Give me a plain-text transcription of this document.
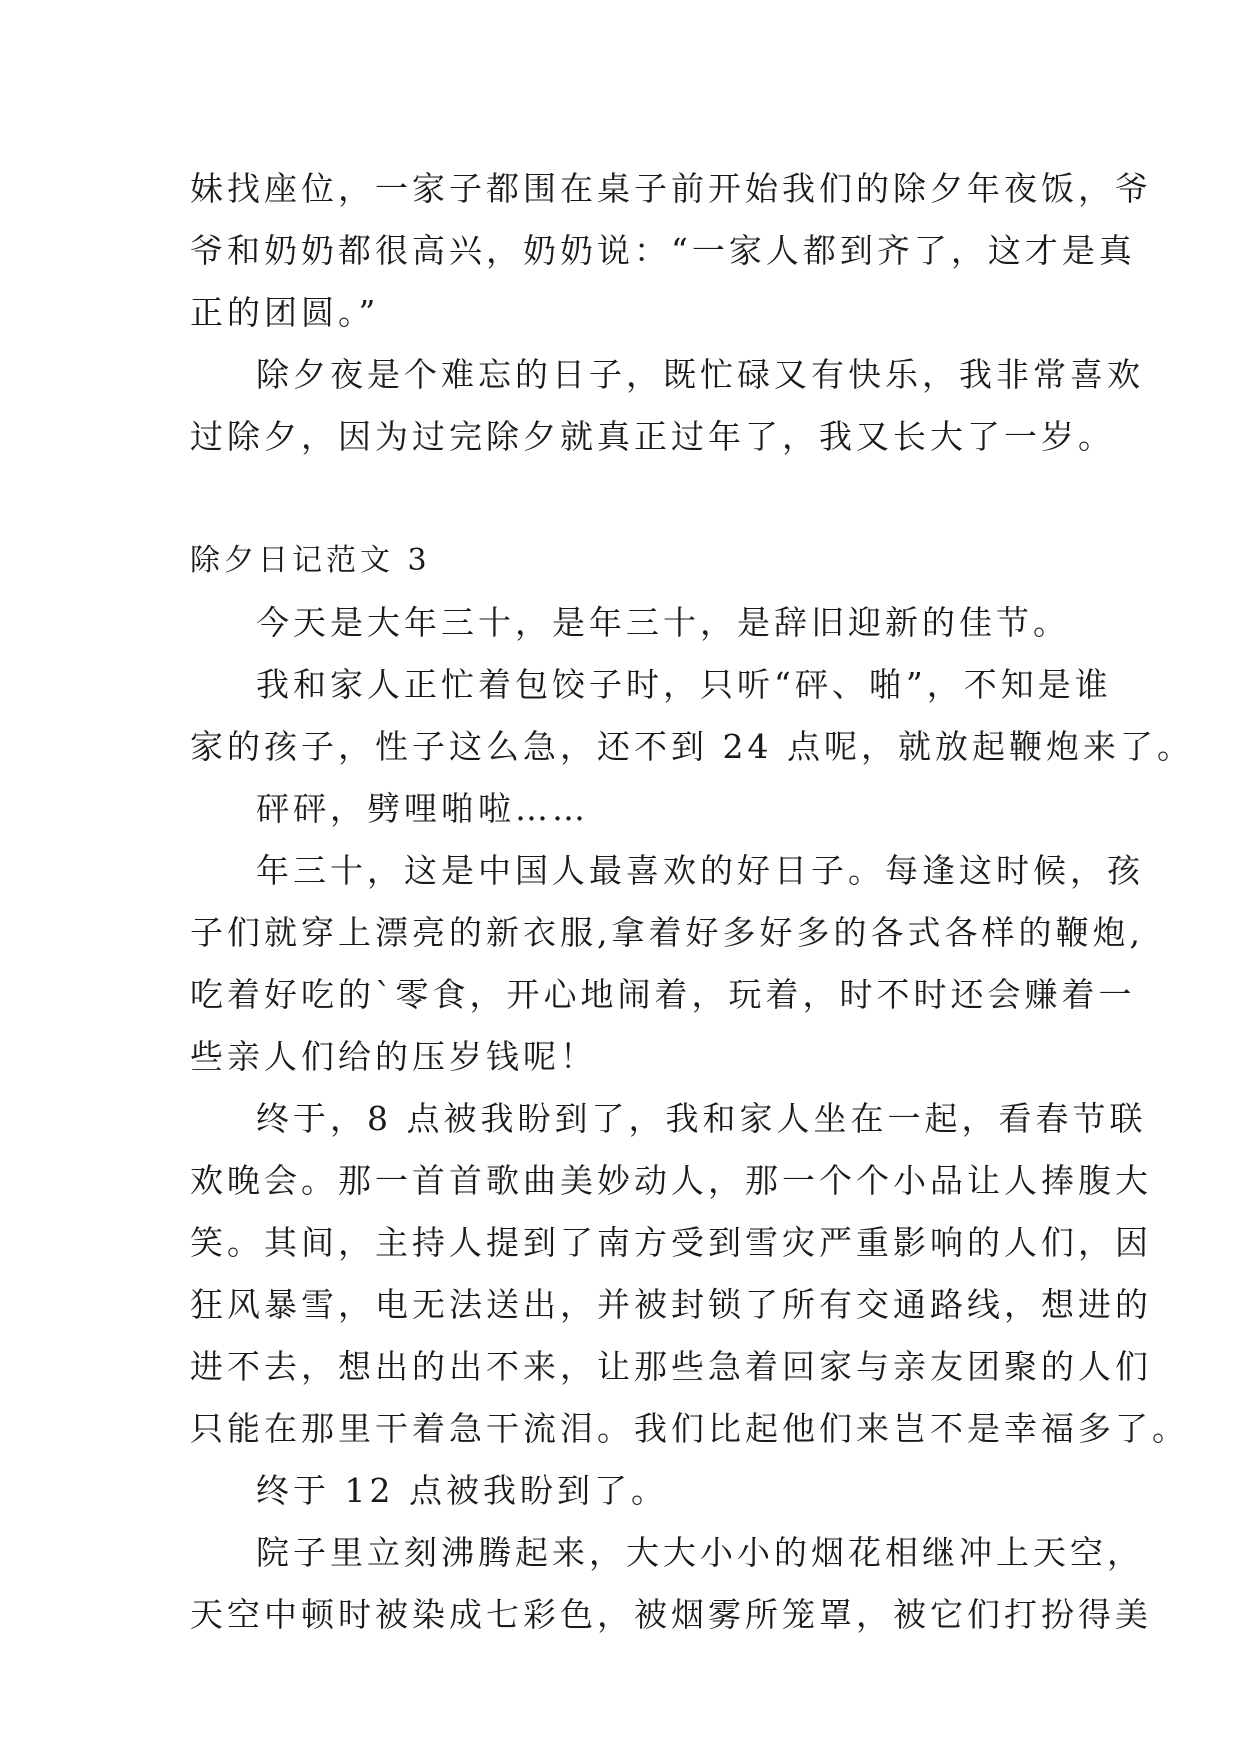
妹找座位，一家子都围在桌子前开始我们的除夕年夜饭，爷
爷和奶奶都很高兴，奶奶说：“一家人都到齐了，这才是真
正的团圆。”
除夕夜是个难忘的日子，既忙碌又有快乐，我非常喜欢
过除夕，因为过完除夕就真正过年了，我又长大了一岁。
除夕日记范文 3
今天是大年三十，是年三十，是辞旧迎新的佳节。
我和家人正忙着包饺子时，只听“砰、啪”，不知是谁
家的孩子，性子这么急，还不到 24 点呢，就放起鞭炮来了。
砰砰，劈哩啪啦……
年三十，这是中国人最喜欢的好日子。每逢这时候，孩
子们就穿上漂亮的新衣服,拿着好多好多的各式各样的鞭炮,
吃着好吃的`零食，开心地闹着，玩着，时不时还会赚着一
些亲人们给的压岁钱呢！
终于，8 点被我盼到了，我和家人坐在一起，看春节联
欢晚会。那一首首歌曲美妙动人，那一个个小品让人捧腹大
笑。其间，主持人提到了南方受到雪灾严重影响的人们，因
狂风暴雪，电无法送出，并被封锁了所有交通路线，想进的
进不去，想出的出不来，让那些急着回家与亲友团聚的人们
只能在那里干着急干流泪。我们比起他们来岂不是幸福多了。
终于 12 点被我盼到了。
院子里立刻沸腾起来，大大小小的烟花相继冲上天空，
天空中顿时被染成七彩色，被烟雾所笼罩，被它们打扮得美
